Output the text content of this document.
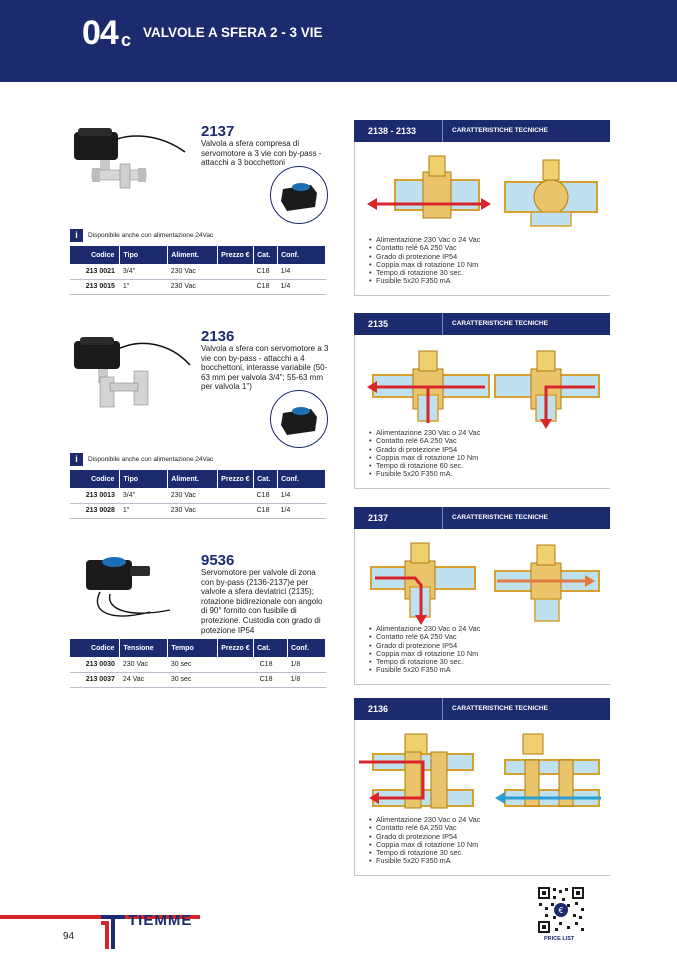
04 c VALVOLE A SFERA 2 - 3 VIE
2137
Valvola a sfera compresa di servomotore a 3 vie con by-pass - attacchi a 3 bocchettoni
i Disponibile anche con alimentazione 24Vac
Codice	Tipo	Aliment.	Prezzo €	Cat.	Conf.
213 0021	3/4"	230 Vac		C18	1/4
213 0015	1"	230 Vac		C18	1/4
2136
Valvola a sfera con servomotore a 3 vie con by-pass - attacchi a 4 bocchettoni, interasse variabile (50-63 mm per valvola 3/4"; 55-63 mm per valvola 1")
i Disponibile anche con alimentazione 24Vac
Codice	Tipo	Aliment.	Prezzo €	Cat.	Conf.
213 0013	3/4"	230 Vac		C18	1/4
213 0028	1"	230 Vac		C18	1/4
9536
Servomotore per valvole di zona con by-pass (2136-2137)e per valvole a sfera deviatrici (2135); rotazione bidirezionale con angolo di 90° fornito con fusibile di protezione. Custodia con grado di potezione IP54
Codice	Tensione	Tempo	Prezzo €	Cat.	Conf.
213 0030	230 Vac	30 sec		C18	1/8
213 0037	24 Vac	30 sec		C18	1/8
2138 - 2133	CARATTERISTICHE TECNICHE
• Alimentazione 230 Vac o 24 Vac
• Contatto relé 6A 250 Vac
• Grado di protezione IP54
• Coppia max di rotazione 10 Nm
• Tempo di rotazione 30 sec.
• Fusibile 5x20 F350 mA
2135	CARATTERISTICHE TECNICHE
• Alimentazione 230 Vac o 24 Vac
• Contatto relé 6A 250 Vac
• Grado di protezione IP54
• Coppia max di rotazione 10 Nm
• Tempo di rotazione 60 sec.
• Fusibile 5x20 F350 mA.
2137	CARATTERISTICHE TECNICHE
• Alimentazione 230 Vac o 24 Vac
• Contatto relé 6A 250 Vac
• Grado di protezione IP54
• Coppia max di rotazione 10 Nm
• Tempo di rotazione 30 sec.
• Fusibile 5x20 F350 mA
2136	CARATTERISTICHE TECNICHE
• Alimentazione 230 Vac o 24 Vac
• Contatto relé 6A 250 Vac
• Grado di protezione IP54
• Coppia max di rotazione 10 Nm
• Tempo di rotazione 30 sec.
• Fusibile 5x20 F350 mA
TIEMME
94
€
PRICE LIST
